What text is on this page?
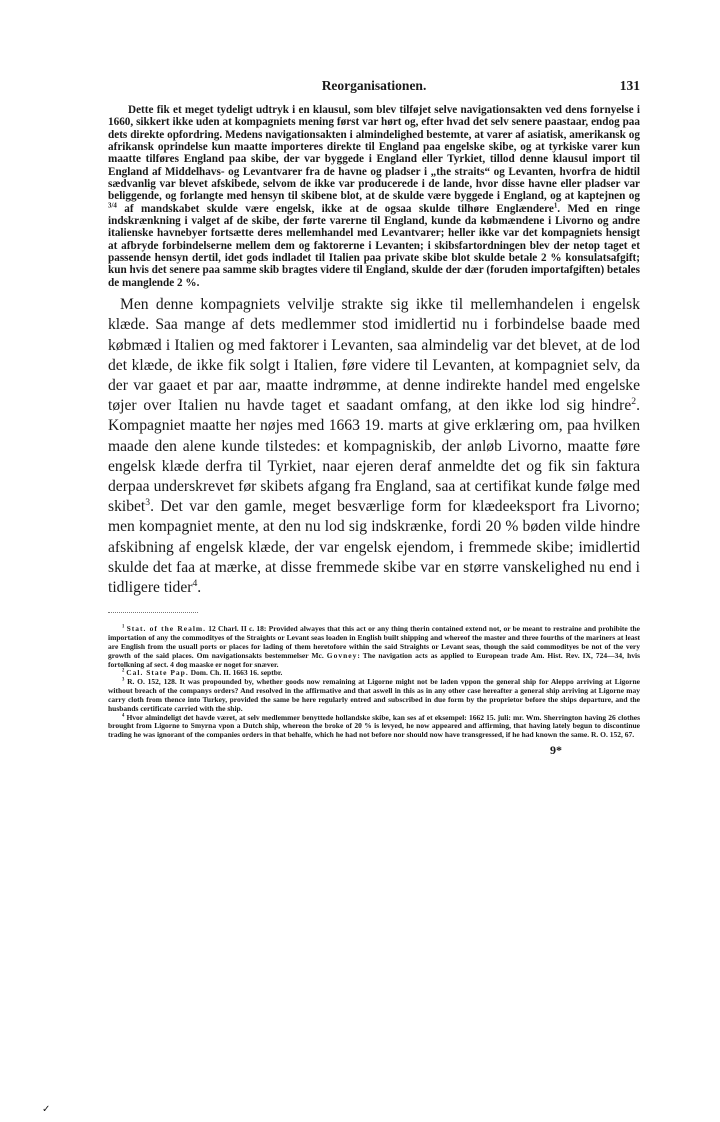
Reorganisationen.	131

Dette fik et meget tydeligt udtryk i en klausul, som blev tilføjet selve navigationsakten ved dens fornyelse i 1660, sikkert ikke uden at kompagniets mening først var hørt og, efter hvad det selv senere paastaar, endog paa dets direkte opfordring. Medens navigationsakten i almindelighed bestemte, at varer af asiatisk, amerikansk og afrikansk oprindelse kun maatte importeres direkte til England paa engelske skibe, og at tyrkiske varer kun maatte tilføres England paa skibe, der var byggede i England eller Tyrkiet, tillod denne klausul import til England af Middelhavs- og Levantvarer fra de havne og pladser i „the straits“ og Levanten, hvorfra de hidtil sædvanlig var blevet afskibede, selvom de ikke var producerede i de lande, hvor disse havne eller pladser var beliggende, og forlangte med hensyn til skibene blot, at de skulde være byggede i England, og at kaptejnen og $^{3/4}$ af mandskabet skulde være engelsk, ikke at de ogsaa skulde tilhøre Englændere$^1$. Med en ringe indskrænkning i valget af de skibe, der førte varerne til England, kunde da købmændene i Livorno og andre italienske havnebyer fortsætte deres mellemhandel med Levantvarer; heller ikke var det kompagniets hensigt at afbryde forbindelserne mellem dem og faktorerne i Levanten; i skibsfartordningen blev der netop taget et passende hensyn dertil, idet gods indladet til Italien paa private skibe blot skulde betale 2 % konsulatsafgift; kun hvis det senere paa samme skib bragtes videre til England, skulde der dær (foruden importafgiften) betales de manglende 2 %.

Men denne kompagniets velvilje strakte sig ikke til mellemhandelen i engelsk klæde. Saa mange af dets medlemmer stod imidlertid nu i forbindelse baade med købmæd i Italien og med faktorer i Levanten, saa almindelig var det blevet, at de lod det klæde, de ikke fik solgt i Italien, føre videre til Levanten, at kompagniet selv, da der var gaaet et par aar, maatte indrømme, at denne indirekte handel med engelske tøjer over Italien nu havde taget et saadant omfang, at den ikke lod sig hindre$^2$. Kompagniet maatte her nøjes med 1663 19. marts at give erklæring om, paa hvilken maade den alene kunde tilstedes: et kompagniskib, der anløb Livorno, maatte føre engelsk klæde derfra til Tyrkiet, naar ejeren deraf anmeldte det og fik sin faktura derpaa underskrevet før skibets afgang fra England, saa at certifikat kunde følge med skibet$^3$. Det var den gamle, meget besværlige form for klædeeksport fra Livorno; men kompagniet mente, at den nu lod sig indskrænke, fordi 20 % bøden vilde hindre afskibning af engelsk klæde, der var engelsk ejendom, i fremmede skibe; imidlertid skulde det faa at mærke, at disse fremmede skibe var en større vanskelighed nu end i tidligere tider$^4$.

$^1$ Stat. of the Realm. 12 Charl. II c. 18: Provided alwayes that this act or any thing therin contained extend not, or be meant to restraine and prohibite the importation of any the commodityes of the Straights or Levant seas loaden in English built shipping and whereof the master and three fourths of the mariners at least are English from the usuall ports or places for lading of them heretofore within the said Straights or Levant seas, though the said commodityes be not of the very growth of the said places. Om navigationsakts bestemmelser Mc. Govney: The navigation acts as applied to European trade Am. Hist. Rev. IX, 724—34, hvis fortolkning af sect. 4 dog maaske er noget for snæver.

$^2$ Cal. State Pap. Dom. Ch. II. 1663 16. septbr.

$^3$ R. O. 152, 128. It was propounded by, whether goods now remaining at Ligorne might not be laden vppon the general ship for Aleppo arriving at Ligorne without breach of the companys orders? And resolved in the affirmative and that aswell in this as in any other case hereafter a general ship arriving at Ligorne may carry cloth from thence into Turkey, provided the same be here regularly entred and subscribed in due form by the proprietor before the ships departure, and the husbands certificate carried with the ship.

$^4$ Hvor almindeligt det havde været, at selv medlemmer benyttede hollandske skibe, kan ses af et eksempel: 1662 15. juli: mr. Wm. Sherrington having 26 clothes brought from Ligorne to Smyrna vpon a Dutch ship, whereon the broke of 20 % is levyed, he now appeared and affirming, that having lately begun to discontinue trading he was ignorant of the companies orders in that behalfe, which he had not before nor should now have transgressed, if he had known the same. R. O. 152, 67.

9*
✓
